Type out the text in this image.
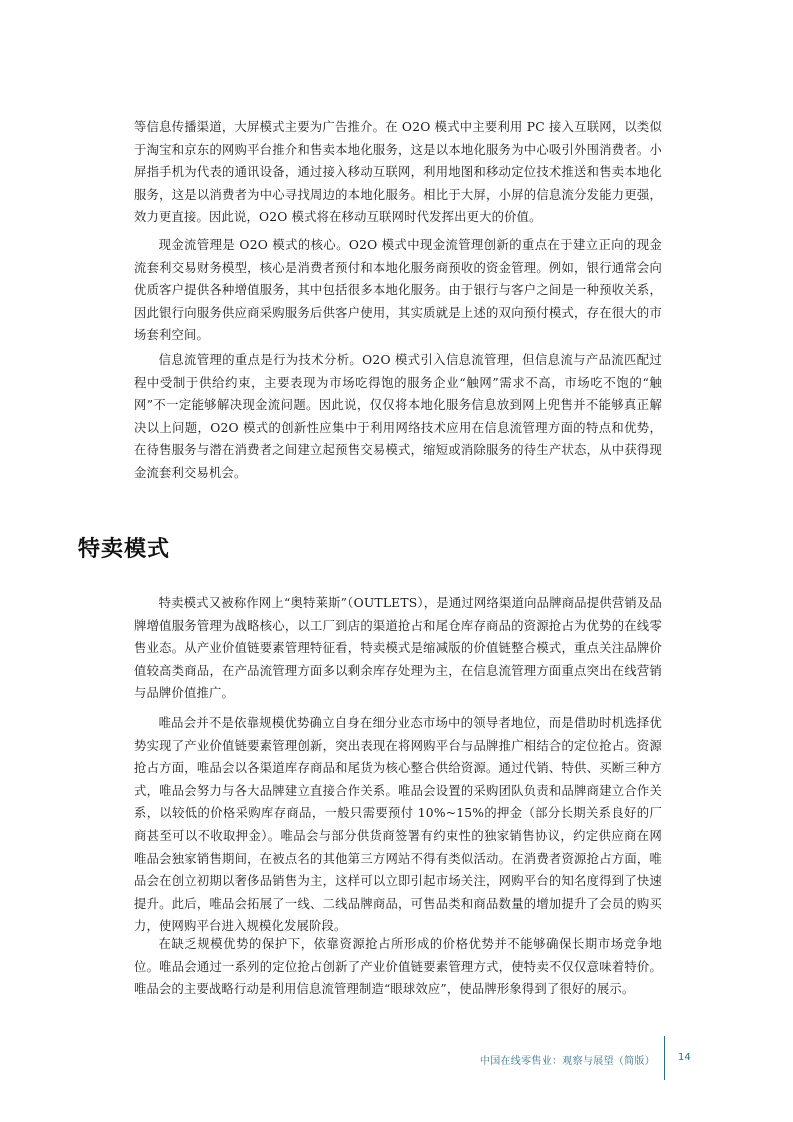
等信息传播渠道，大屏模式主要为广告推介。在 O2O 模式中主要利用 PC 接入互联网，以类似于淘宝和京东的网购平台推介和售卖本地化服务，这是以本地化服务为中心吸引外围消费者。小屏指手机为代表的通讯设备，通过接入移动互联网，利用地图和移动定位技术推送和售卖本地化服务，这是以消费者为中心寻找周边的本地化服务。相比于大屏，小屏的信息流分发能力更强，效力更直接。因此说，O2O 模式将在移动互联网时代发挥出更大的价值。

现金流管理是 O2O 模式的核心。O2O 模式中现金流管理创新的重点在于建立正向的现金流套利交易财务模型，核心是消费者预付和本地化服务商预收的资金管理。例如，银行通常会向优质客户提供各种增值服务，其中包括很多本地化服务。由于银行与客户之间是一种预收关系，因此银行向服务供应商采购服务后供客户使用，其实质就是上述的双向预付模式，存在很大的市场套利空间。

信息流管理的重点是行为技术分析。O2O 模式引入信息流管理，但信息流与产品流匹配过程中受制于供给约束，主要表现为市场吃得饱的服务企业“触网”需求不高，市场吃不饱的“触网”不一定能够解决现金流问题。因此说，仅仅将本地化服务信息放到网上兜售并不能够真正解决以上问题，O2O 模式的创新性应集中于利用网络技术应用在信息流管理方面的特点和优势，在待售服务与潜在消费者之间建立起预售交易模式，缩短或消除服务的待生产状态，从中获得现金流套利交易机会。

特卖模式

特卖模式又被称作网上“奥特莱斯”（OUTLETS），是通过网络渠道向品牌商品提供营销及品牌增值服务管理为战略核心，以工厂到店的渠道抢占和尾仓库存商品的资源抢占为优势的在线零售业态。从产业价值链要素管理特征看，特卖模式是缩减版的价值链整合模式，重点关注品牌价值较高类商品，在产品流管理方面多以剩余库存处理为主，在信息流管理方面重点突出在线营销与品牌价值推广。

唯品会并不是依靠规模优势确立自身在细分业态市场中的领导者地位，而是借助时机选择优势实现了产业价值链要素管理创新，突出表现在将网购平台与品牌推广相结合的定位抢占。资源抢占方面，唯品会以各渠道库存商品和尾货为核心整合供给资源。通过代销、特供、买断三种方式，唯品会努力与各大品牌建立直接合作关系。唯品会设置的采购团队负责和品牌商建立合作关系，以较低的价格采购库存商品，一般只需要预付 10%~15%的押金（部分长期关系良好的厂商甚至可以不收取押金）。唯品会与部分供货商签署有约束性的独家销售协议，约定供应商在网唯品会独家销售期间，在被点名的其他第三方网站不得有类似活动。在消费者资源抢占方面，唯品会在创立初期以奢侈品销售为主，这样可以立即引起市场关注，网购平台的知名度得到了快速提升。此后，唯品会拓展了一线、二线品牌商品，可售品类和商品数量的增加提升了会员的购买力，使网购平台进入规模化发展阶段。

在缺乏规模优势的保护下，依靠资源抢占所形成的价格优势并不能够确保长期市场竞争地位。唯品会通过一系列的定位抢占创新了产业价值链要素管理方式，使特卖不仅仅意味着特价。唯品会的主要战略行动是利用信息流管理制造“眼球效应”，使品牌形象得到了很好的展示。

中国在线零售业：观察与展望（简版） 14
